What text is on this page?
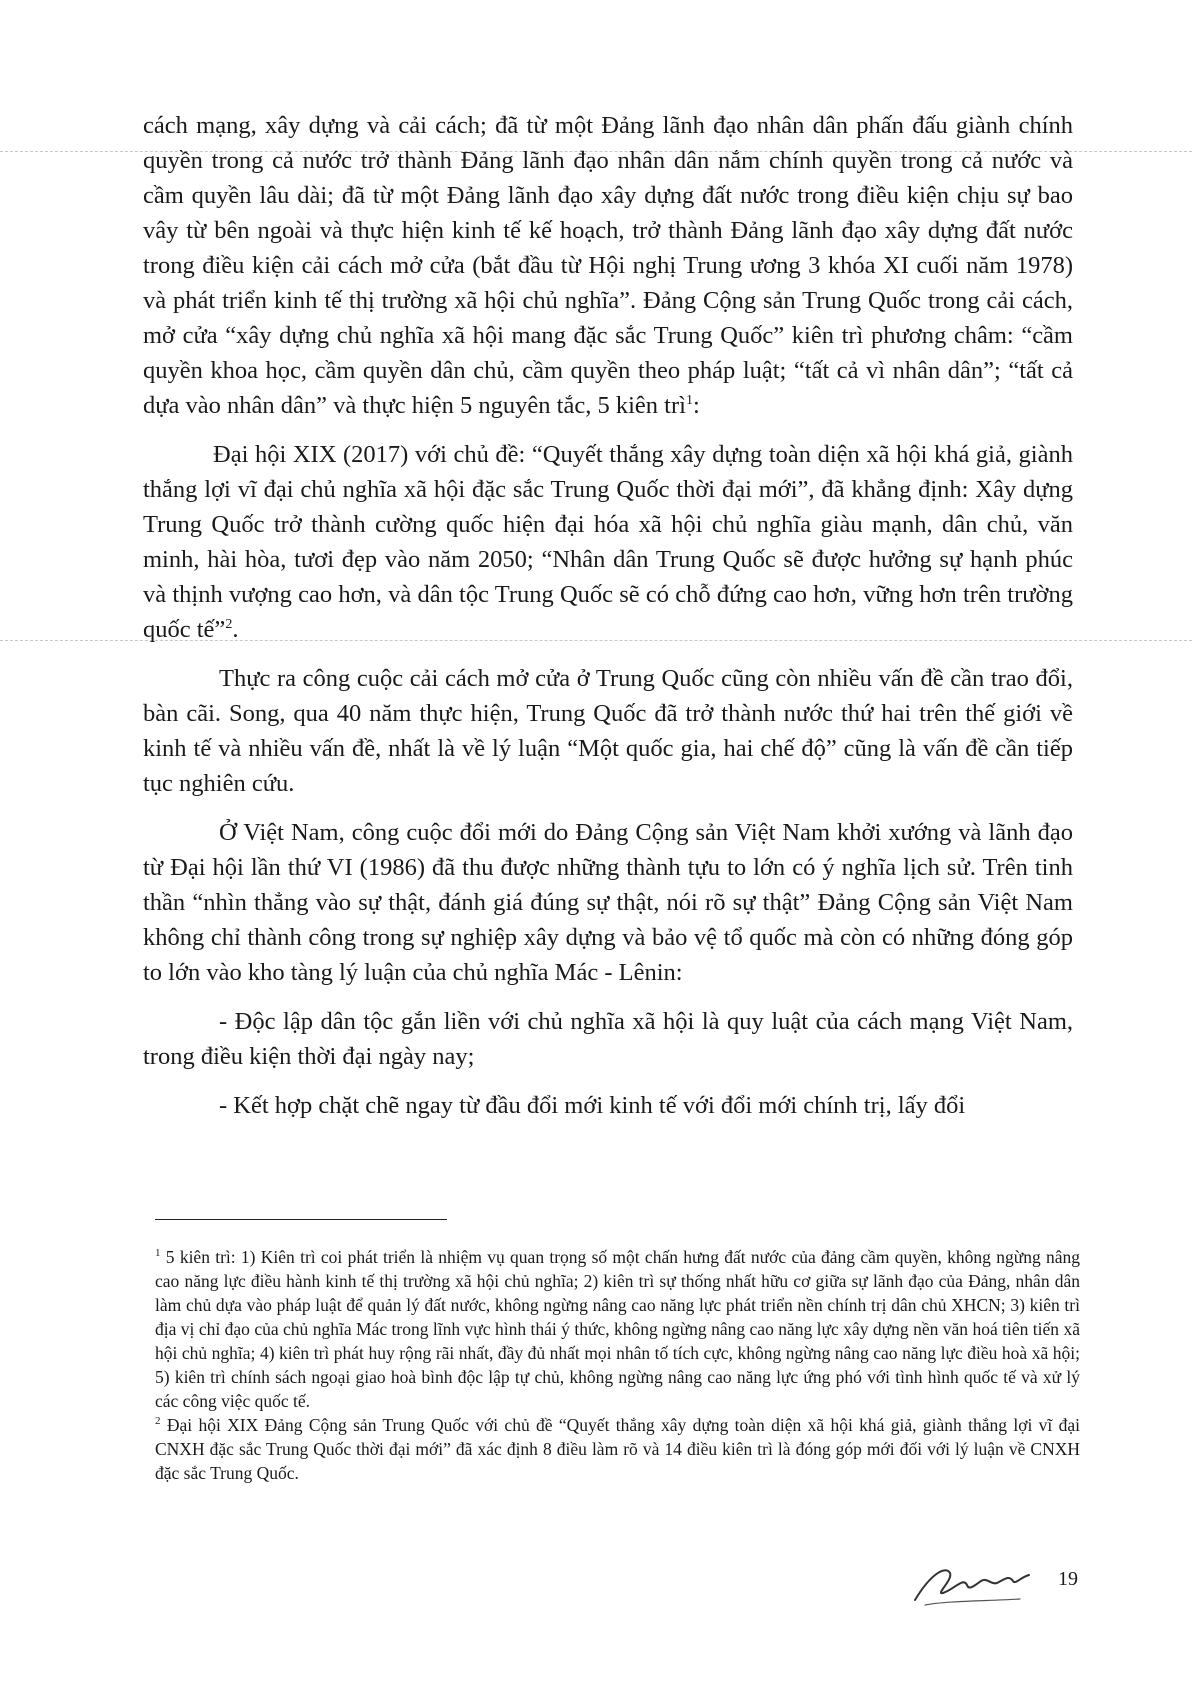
cách mạng, xây dựng và cải cách; đã từ một Đảng lãnh đạo nhân dân phấn đấu giành chính quyền trong cả nước trở thành Đảng lãnh đạo nhân dân nắm chính quyền trong cả nước và cầm quyền lâu dài; đã từ một Đảng lãnh đạo xây dựng đất nước trong điều kiện chịu sự bao vây từ bên ngoài và thực hiện kinh tế kế hoạch, trở thành Đảng lãnh đạo xây dựng đất nước trong điều kiện cải cách mở cửa (bắt đầu từ Hội nghị Trung ương 3 khóa XI cuối năm 1978) và phát triển kinh tế thị trường xã hội chủ nghĩa”. Đảng Cộng sản Trung Quốc trong cải cách, mở cửa “xây dựng chủ nghĩa xã hội mang đặc sắc Trung Quốc” kiên trì phương châm: “cầm quyền khoa học, cầm quyền dân chủ, cầm quyền theo pháp luật; “tất cả vì nhân dân”; “tất cả dựa vào nhân dân” và thực hiện 5 nguyên tắc, 5 kiên trì$^1$:

Đại hội XIX (2017) với chủ đề: “Quyết thắng xây dựng toàn diện xã hội khá giả, giành thắng lợi vĩ đại chủ nghĩa xã hội đặc sắc Trung Quốc thời đại mới”, đã khẳng định: Xây dựng Trung Quốc trở thành cường quốc hiện đại hóa xã hội chủ nghĩa giàu mạnh, dân chủ, văn minh, hài hòa, tươi đẹp vào năm 2050; “Nhân dân Trung Quốc sẽ được hưởng sự hạnh phúc và thịnh vượng cao hơn, và dân tộc Trung Quốc sẽ có chỗ đứng cao hơn, vững hơn trên trường quốc tế”$^2$.

Thực ra công cuộc cải cách mở cửa ở Trung Quốc cũng còn nhiều vấn đề cần trao đổi, bàn cãi. Song, qua 40 năm thực hiện, Trung Quốc đã trở thành nước thứ hai trên thế giới về kinh tế và nhiều vấn đề, nhất là về lý luận “Một quốc gia, hai chế độ” cũng là vấn đề cần tiếp tục nghiên cứu.

Ở Việt Nam, công cuộc đổi mới do Đảng Cộng sản Việt Nam khởi xướng và lãnh đạo từ Đại hội lần thứ VI (1986) đã thu được những thành tựu to lớn có ý nghĩa lịch sử. Trên tinh thần “nhìn thẳng vào sự thật, đánh giá đúng sự thật, nói rõ sự thật” Đảng Cộng sản Việt Nam không chỉ thành công trong sự nghiệp xây dựng và bảo vệ tổ quốc mà còn có những đóng góp to lớn vào kho tàng lý luận của chủ nghĩa Mác - Lênin:

- Độc lập dân tộc gắn liền với chủ nghĩa xã hội là quy luật của cách mạng Việt Nam, trong điều kiện thời đại ngày nay;

- Kết hợp chặt chẽ ngay từ đầu đổi mới kinh tế với đổi mới chính trị, lấy đổi

$^1$ 5 kiên trì: 1) Kiên trì coi phát triển là nhiệm vụ quan trọng số một chấn hưng đất nước của đảng cầm quyền, không ngừng nâng cao năng lực điều hành kinh tế thị trường xã hội chủ nghĩa; 2) kiên trì sự thống nhất hữu cơ giữa sự lãnh đạo của Đảng, nhân dân làm chủ dựa vào pháp luật để quản lý đất nước, không ngừng nâng cao năng lực phát triển nền chính trị dân chủ XHCN; 3) kiên trì địa vị chỉ đạo của chủ nghĩa Mác trong lĩnh vực hình thái ý thức, không ngừng nâng cao năng lực xây dựng nền văn hoá tiên tiến xã hội chủ nghĩa; 4) kiên trì phát huy rộng rãi nhất, đầy đủ nhất mọi nhân tố tích cực, không ngừng nâng cao năng lực điều hoà xã hội; 5) kiên trì chính sách ngoại giao hoà bình độc lập tự chủ, không ngừng nâng cao năng lực ứng phó với tình hình quốc tế và xử lý các công việc quốc tế.

$^2$ Đại hội XIX Đảng Cộng sản Trung Quốc với chủ đề “Quyết thắng xây dựng toàn diện xã hội khá giả, giành thắng lợi vĩ đại CNXH đặc sắc Trung Quốc thời đại mới” đã xác định 8 điều làm rõ và 14 điều kiên trì là đóng góp mới đối với lý luận về CNXH đặc sắc Trung Quốc.

19
